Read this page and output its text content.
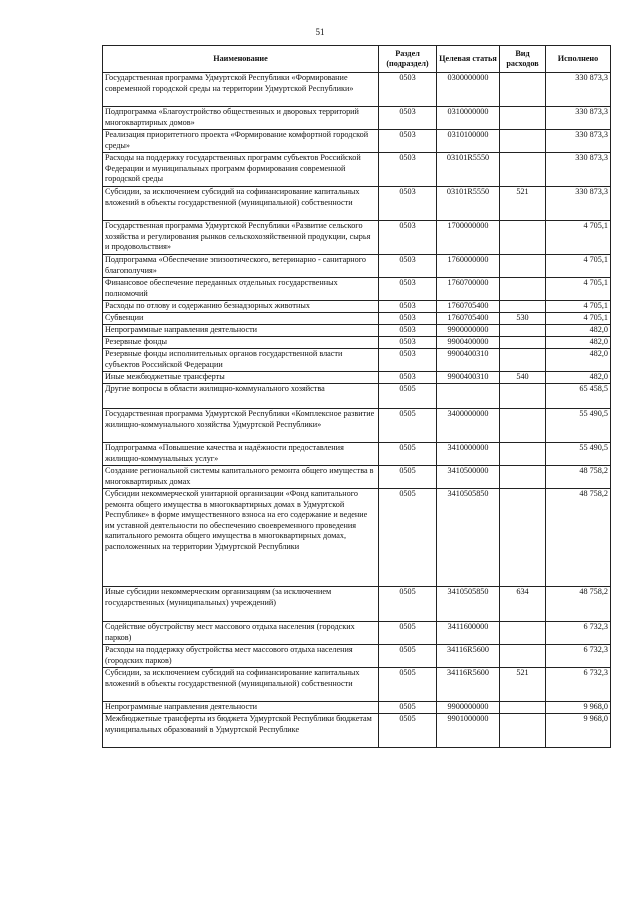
51
Наименование	Раздел (подраздел)	Целевая статья	Вид расходов	Исполнено
Государственная программа Удмуртской Республики «Формирование современной городской среды на территории Удмуртской Республики»	0503	0300000000		330 873,3
Подпрограмма «Благоустройство общественных и дворовых территорий многоквартирных домов»	0503	0310000000		330 873,3
Реализация приоритетного проекта «Формирование комфортной городской среды»	0503	0310100000		330 873,3
Расходы на поддержку государственных программ субъектов Российской Федерации и муниципальных программ формирования современной городской среды	0503	03101R5550		330 873,3
Субсидии, за исключением субсидий на софинансирование капитальных вложений в объекты государственной (муниципальной) собственности	0503	03101R5550	521	330 873,3
Государственная программа Удмуртской Республики «Развитие сельского хозяйства и регулирования рынков сельскохозяйственной продукции, сырья и продовольствия»	0503	1700000000		4 705,1
Подпрограмма «Обеспечение эпизоотического, ветеринарно - санитарного благополучия»	0503	1760000000		4 705,1
Финансовое обеспечение переданных отдельных государственных полномочий	0503	1760700000		4 705,1
Расходы по отлову и содержанию безнадзорных животных	0503	1760705400		4 705,1
Субвенции	0503	1760705400	530	4 705,1
Непрограммные направления деятельности	0503	9900000000		482,0
Резервные фонды	0503	9900400000		482,0
Резервные фонды исполнительных органов государственной власти субъектов Российской Федерации	0503	9900400310		482,0
Иные межбюджетные трансферты	0503	9900400310	540	482,0
Другие вопросы в области жилищно-коммунального хозяйства	0505			65 458,5
Государственная программа Удмуртской Республики «Комплексное развитие жилищно-коммунального хозяйства Удмуртской Республики»	0505	3400000000		55 490,5
Подпрограмма «Повышение качества и надёжности предоставления жилищно-коммунальных услуг»	0505	3410000000		55 490,5
Создание региональной системы капитального ремонта общего имущества в многоквартирных домах	0505	3410500000		48 758,2
Субсидии некоммерческой унитарной организации «Фонд капитального ремонта общего имущества в многоквартирных домах в Удмуртской Республике» в форме имущественного взноса на его содержание и ведение им уставной деятельности по обеспечению своевременного проведения капитального ремонта общего имущества в многоквартирных домах, расположенных на территории Удмуртской Республики	0505	3410505850		48 758,2
Иные субсидии некоммерческим организациям (за исключением государственных (муниципальных) учреждений)	0505	3410505850	634	48 758,2
Содействие обустройству мест массового отдыха населения (городских парков)	0505	3411600000		6 732,3
Расходы на поддержку обустройства мест массового отдыха населения (городских парков)	0505	34116R5600		6 732,3
Субсидии, за исключением субсидий на софинансирование капитальных вложений в объекты государственной (муниципальной) собственности	0505	34116R5600	521	6 732,3
Непрограммные направления деятельности	0505	9900000000		9 968,0
Межбюджетные трансферты из бюджета Удмуртской Республики бюджетам муниципальных образований в Удмуртской Республике	0505	9901000000		9 968,0
